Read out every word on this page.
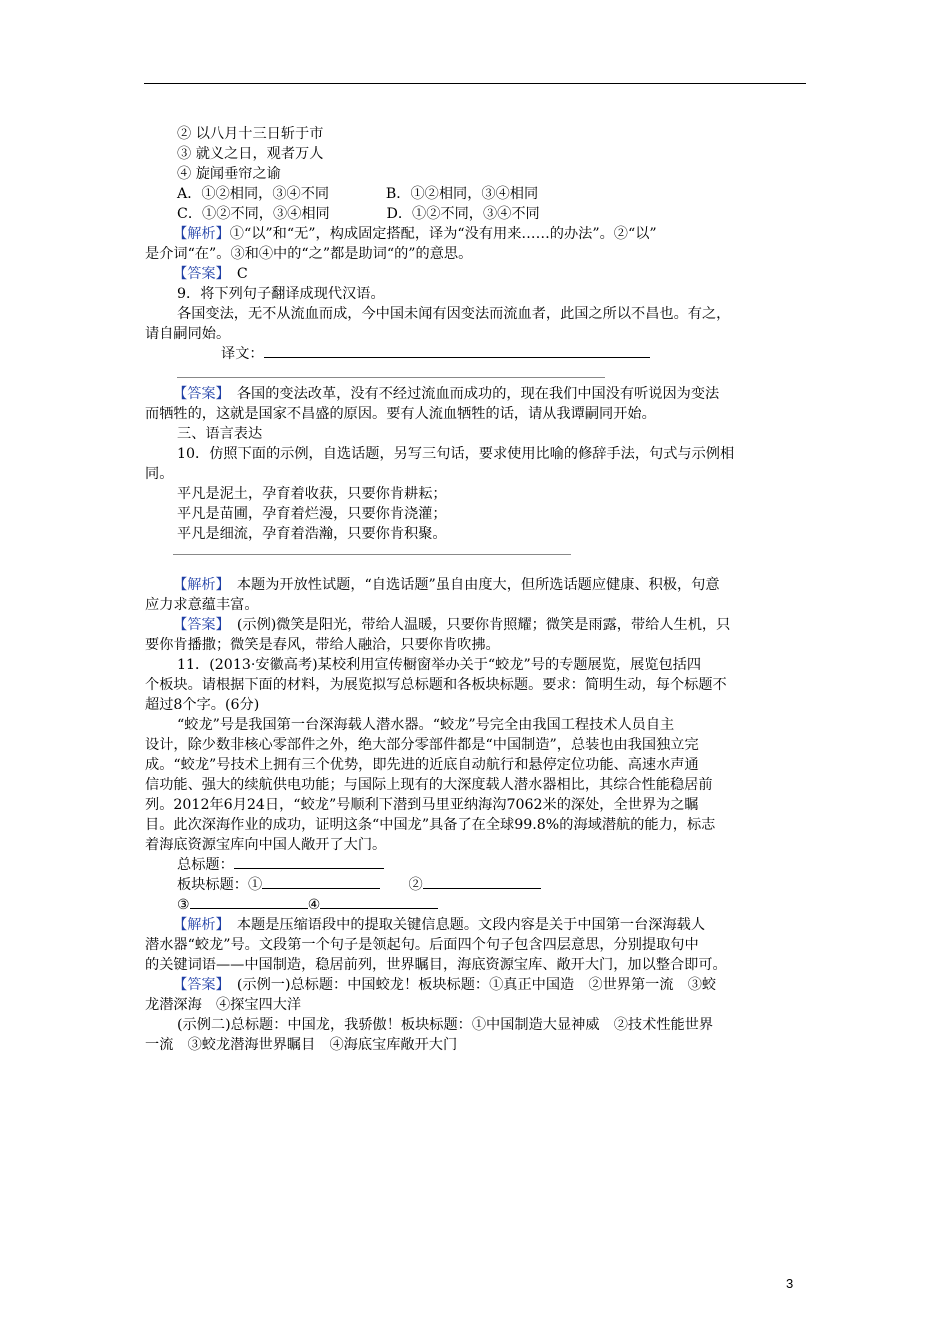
② 以八月十三日斩于市
③ 就义之日，观者万人
④ 旋闻垂帘之谕
A．①②相同，③④不同　　　　B．①②相同，③④相同
C．①②不同，③④相同　　　　D．①②不同，③④不同
【解析】①“以”和“无”，构成固定搭配，译为“没有用来……的办法”。②“以”
是介词“在”。③和④中的“之”都是助词“的”的意思。
【答案】　 C
9．将下列句子翻译成现代汉语。
各国变法，无不从流血而成，今中国未闻有因变法而流血者，此国之所以不昌也。有之，
请自嗣同始。
译文：
【答案】　 各国的变法改革，没有不经过流血而成功的，现在我们中国没有听说因为变法
而牺牲的，这就是国家不昌盛的原因。要有人流血牺牲的话，请从我谭嗣同开始。
三、语言表达
10．仿照下面的示例，自选话题，另写三句话，要求使用比喻的修辞手法，句式与示例相
同。
平凡是泥土，孕育着收获，只要你肯耕耘；
平凡是苗圃，孕育着烂漫，只要你肯浇灌；
平凡是细流，孕育着浩瀚，只要你肯积聚。
【解析】　 本题为开放性试题，“自选话题”虽自由度大，但所选话题应健康、积极，句意
应力求意蕴丰富。
【答案】　 (示例)微笑是阳光，带给人温暖，只要你肯照耀；微笑是雨露，带给人生机，只
要你肯播撒；微笑是春风，带给人融洽，只要你肯吹拂。
11．(2013·安徽高考)某校利用宣传橱窗举办关于“蛟龙”号的专题展览，展览包括四
个板块。请根据下面的材料，为展览拟写总标题和各板块标题。要求：简明生动，每个标题不
超过8个字。(6分)
“蛟龙”号是我国第一台深海载人潜水器。“蛟龙”号完全由我国工程技术人员自主
设计，除少数非核心零部件之外，绝大部分零部件都是“中国制造”，总装也由我国独立完
成。“蛟龙”号技术上拥有三个优势，即先进的近底自动航行和悬停定位功能、高速水声通
信功能、强大的续航供电功能；与国际上现有的大深度载人潜水器相比，其综合性能稳居前
列。2012年6月24日，“蛟龙”号顺利下潜到马里亚纳海沟7062米的深处，全世界为之瞩
目。此次深海作业的成功，证明这条“中国龙”具备了在全球99.8%的海域潜航的能力，标志
着海底资源宝库向中国人敞开了大门。
总标题：
板块标题：①　　	②
③	④
【解析】　 本题是压缩语段中的提取关键信息题。文段内容是关于中国第一台深海载人
潜水器“蛟龙”号。文段第一个句子是领起句。后面四个句子包含四层意思，分别提取句中
的关键词语——中国制造，稳居前列，世界瞩目，海底资源宝库、敞开大门，加以整合即可。
【答案】　 (示例一)总标题：中国蛟龙！板块标题：①真正中国造　②世界第一流　③蛟
龙潜深海　④探宝四大洋
(示例二)总标题：中国龙，我骄傲！板块标题：①中国制造大显神威　②技术性能世界
一流　③蛟龙潜海世界瞩目　④海底宝库敞开大门
3
